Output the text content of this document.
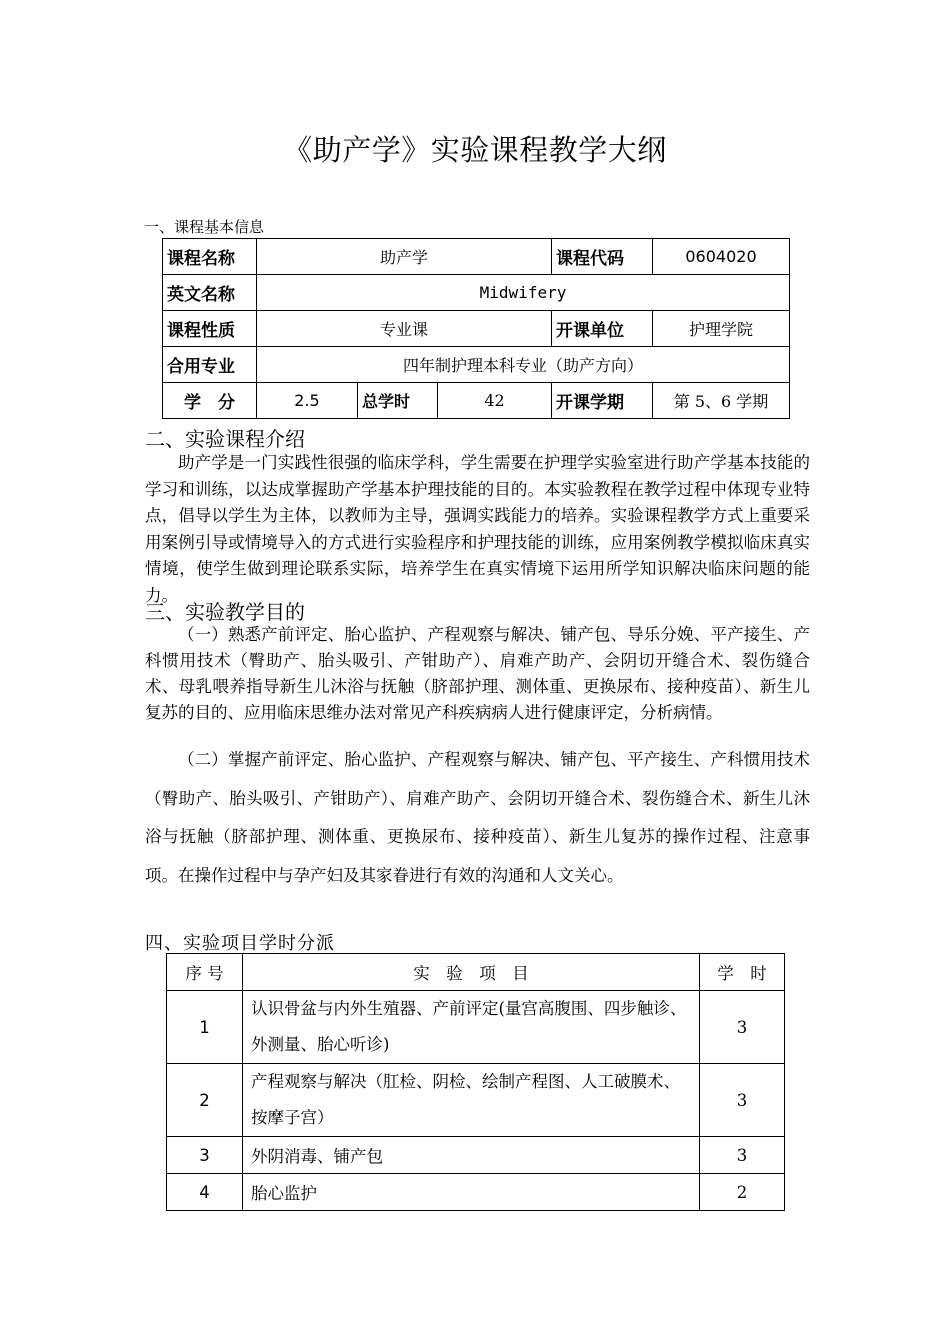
《助产学》实验课程教学大纲
一、课程基本信息
课程名称	助产学			课程代码	0604020
英文名称	Midwifery				
课程性质	专业课			开课单位	护理学院
合用专业	四年制护理本科专业（助产方向）				
学　分	2.5	总学时	42	开课学期	第 5、6 学期
二、实验课程介绍

助产学是一门实践性很强的临床学科，学生需要在护理学实验室进行助产学基本技能的学习和训练，以达成掌握助产学基本护理技能的目的。本实验教程在教学过程中体现专业特点，倡导以学生为主体，以教师为主导，强调实践能力的培养。实验课程教学方式上重要采用案例引导或情境导入的方式进行实验程序和护理技能的训练，应用案例教学模拟临床真实情境，使学生做到理论联系实际，培养学生在真实情境下运用所学知识解决临床问题的能力。

三、实验教学目的

（一）熟悉产前评定、胎心监护、产程观察与解决、铺产包、导乐分娩、平产接生、产科惯用技术（臀助产、胎头吸引、产钳助产）、肩难产助产、会阴切开缝合术、裂伤缝合术、母乳喂养指导新生儿沐浴与抚触（脐部护理、测体重、更换尿布、接种疫苗）、新生儿复苏的目的、应用临床思维办法对常见产科疾病病人进行健康评定，分析病情。

（二）掌握产前评定、胎心监护、产程观察与解决、铺产包、平产接生、产科惯用技术（臀助产、胎头吸引、产钳助产）、肩难产助产、会阴切开缝合术、裂伤缝合术、新生儿沐浴与抚触（脐部护理、测体重、更换尿布、接种疫苗）、新生儿复苏的操作过程、注意事项。在操作过程中与孕产妇及其家眷进行有效的沟通和人文关心。

四、实验项目学时分派
序 号	实　验　项　目	学　时
1	认识骨盆与内外生殖器、产前评定(量宫高腹围、四步触诊、外测量、胎心听诊)	3
2	产程观察与解决（肛检、阴检、绘制产程图、人工破膜术、按摩子宫）	3
3	外阴消毒、铺产包	3
4	胎心监护	2
